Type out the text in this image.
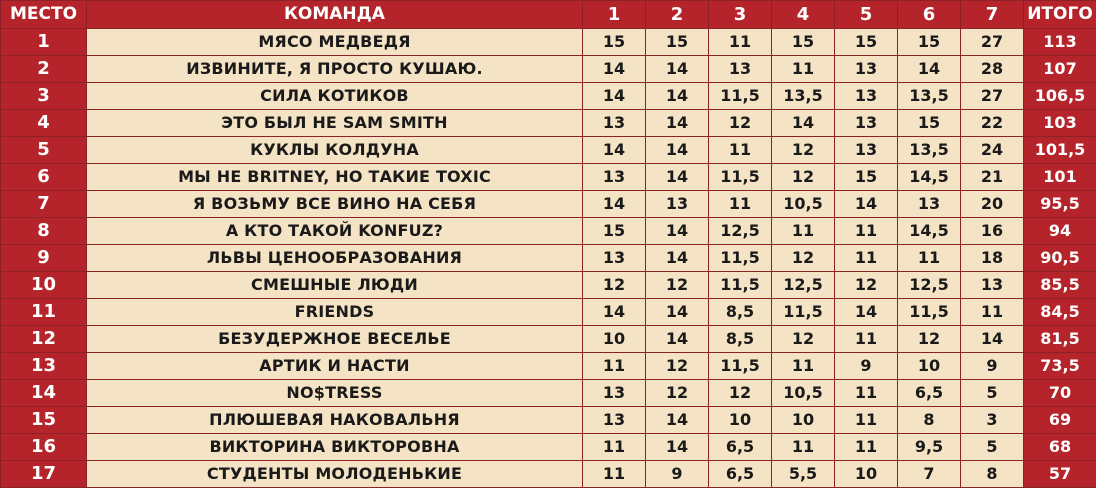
МЕСТО	КОМАНДА	1	2	3	4	5	6	7	ИТОГО
1	МЯСО МЕДВЕДЯ	15	15	11	15	15	15	27	113
2	ИЗВИНИТЕ, Я ПРОСТО КУШАЮ.	14	14	13	11	13	14	28	107
3	СИЛА КОТИКОВ	14	14	11,5	13,5	13	13,5	27	106,5
4	ЭТО БЫЛ НЕ SAM SMITH	13	14	12	14	13	15	22	103
5	КУКЛЫ КОЛДУНА	14	14	11	12	13	13,5	24	101,5
6	МЫ НЕ BRITNEY, НО ТАКИЕ TOXIC	13	14	11,5	12	15	14,5	21	101
7	Я ВОЗЬМУ ВСЕ ВИНО НА СЕБЯ	14	13	11	10,5	14	13	20	95,5
8	А КТО ТАКОЙ KONFUZ?	15	14	12,5	11	11	14,5	16	94
9	ЛЬВЫ ЦЕНООБРАЗОВАНИЯ	13	14	11,5	12	11	11	18	90,5
10	СМЕШНЫЕ ЛЮДИ	12	12	11,5	12,5	12	12,5	13	85,5
11	FRIENDS	14	14	8,5	11,5	14	11,5	11	84,5
12	БЕЗУДЕРЖНОЕ ВЕСЕЛЬЕ	10	14	8,5	12	11	12	14	81,5
13	АРТИК И НАСТИ	11	12	11,5	11	9	10	9	73,5
14	NO$TRESS	13	12	12	10,5	11	6,5	5	70
15	ПЛЮШЕВАЯ НАКОВАЛЬНЯ	13	14	10	10	11	8	3	69
16	ВИКТОРИНА ВИКТОРОВНА	11	14	6,5	11	11	9,5	5	68
17	СТУДЕНТЫ МОЛОДЕНЬКИЕ	11	9	6,5	5,5	10	7	8	57
